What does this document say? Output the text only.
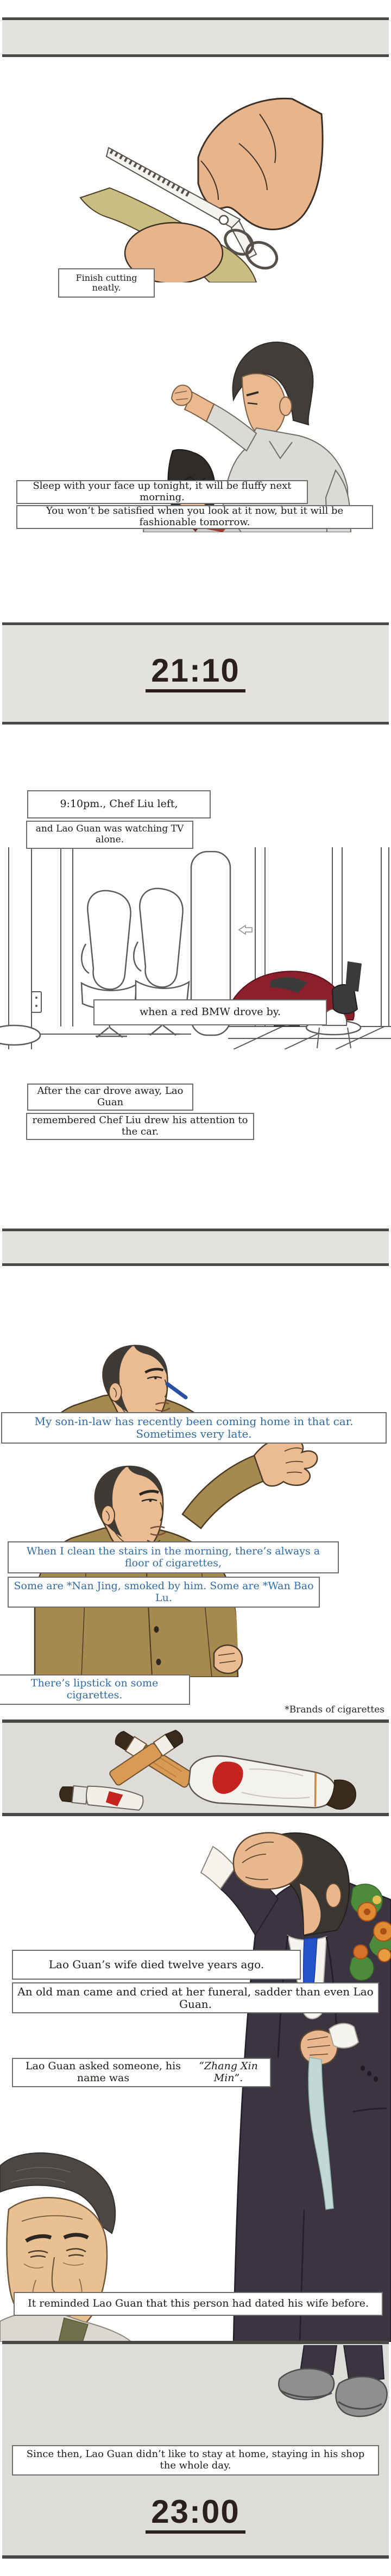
Finish cutting neatly.
Sleep with your face up tonight, it will be fluffy next morning.
You won’t be satisfied when you look at it now, but it will be fashionable tomorrow.
21:10
9:10pm., Chef Liu left,
and Lao Guan was watching TV alone.
when a red BMW drove by.
After the car drove away, Lao Guan
remembered Chef Liu drew his attention to the car.
My son-in-law has recently been coming home in that car. Sometimes very late.
When I clean the stairs in the morning, there’s always a floor of cigarettes,
Some are *Nan Jing, smoked by him. Some are *Wan Bao Lu.
There’s lipstick on some cigarettes.
*Brands of cigarettes
Lao Guan’s wife died twelve years ago.
An old man came and cried at her funeral, sadder than even Lao Guan.
Lao Guan asked someone, his name was
“Zhang Xin Min”.
It reminded Lao Guan that this person had dated his wife before.
Since then, Lao Guan didn’t like to stay at home, staying in his shop the whole day.
23:00
